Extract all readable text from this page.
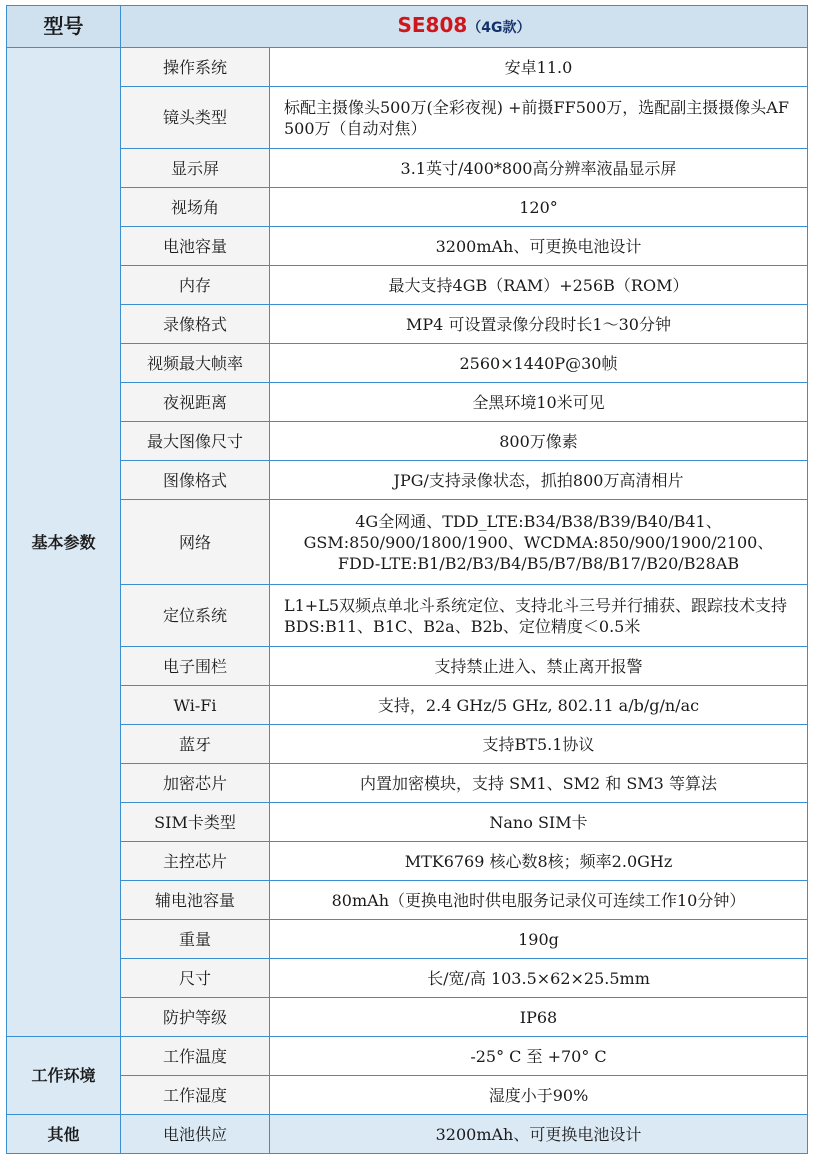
型号	SE808（4G款）	
基本参数	操作系统	安卓11.0
	镜头类型	标配主摄像头500万(全彩夜视) +前摄FF500万，选配副主摄摄像头AF500万（自动对焦）
	显示屏	3.1英寸/400*800高分辨率液晶显示屏
	视场角	120°
	电池容量	3200mAh、可更换电池设计
	内存	最大支持4GB（RAM）+256B（ROM）
	录像格式	MP4 可设置录像分段时长1～30分钟
	视频最大帧率	2560×1440P@30帧
	夜视距离	全黑环境10米可见
	最大图像尺寸	800万像素
	图像格式	JPG/支持录像状态，抓拍800万高清相片
	网络	4G全网通、TDD_LTE:B34/B38/B39/B40/B41、
GSM:850/900/1800/1900、WCDMA:850/900/1900/2100、
FDD-LTE:B1/B2/B3/B4/B5/B7/B8/B17/B20/B28AB

	定位系统	L1+L5双频点单北斗系统定位、支持北斗三号并行捕获、跟踪技术支持 BDS:B11、B1C、B2a、B2b、定位精度＜0.5米
	电子围栏	支持禁止进入、禁止离开报警
	Wi-Fi	支持，2.4 GHz/5 GHz, 802.11 a/b/g/n/ac
	蓝牙	支持BT5.1协议
	加密芯片	内置加密模块，支持 SM1、SM2 和 SM3 等算法
	SIM卡类型	Nano SIM卡
	主控芯片	MTK6769 核心数8核；频率2.0GHz
	辅电池容量	80mAh（更换电池时供电服务记录仪可连续工作10分钟）
	重量	190g
	尺寸	长/宽/高 103.5×62×25.5mm
	防护等级	IP68
工作环境	工作温度	-25° C 至 +70° C
	工作湿度	湿度小于90%
其他	电池供应	3200mAh、可更换电池设计
